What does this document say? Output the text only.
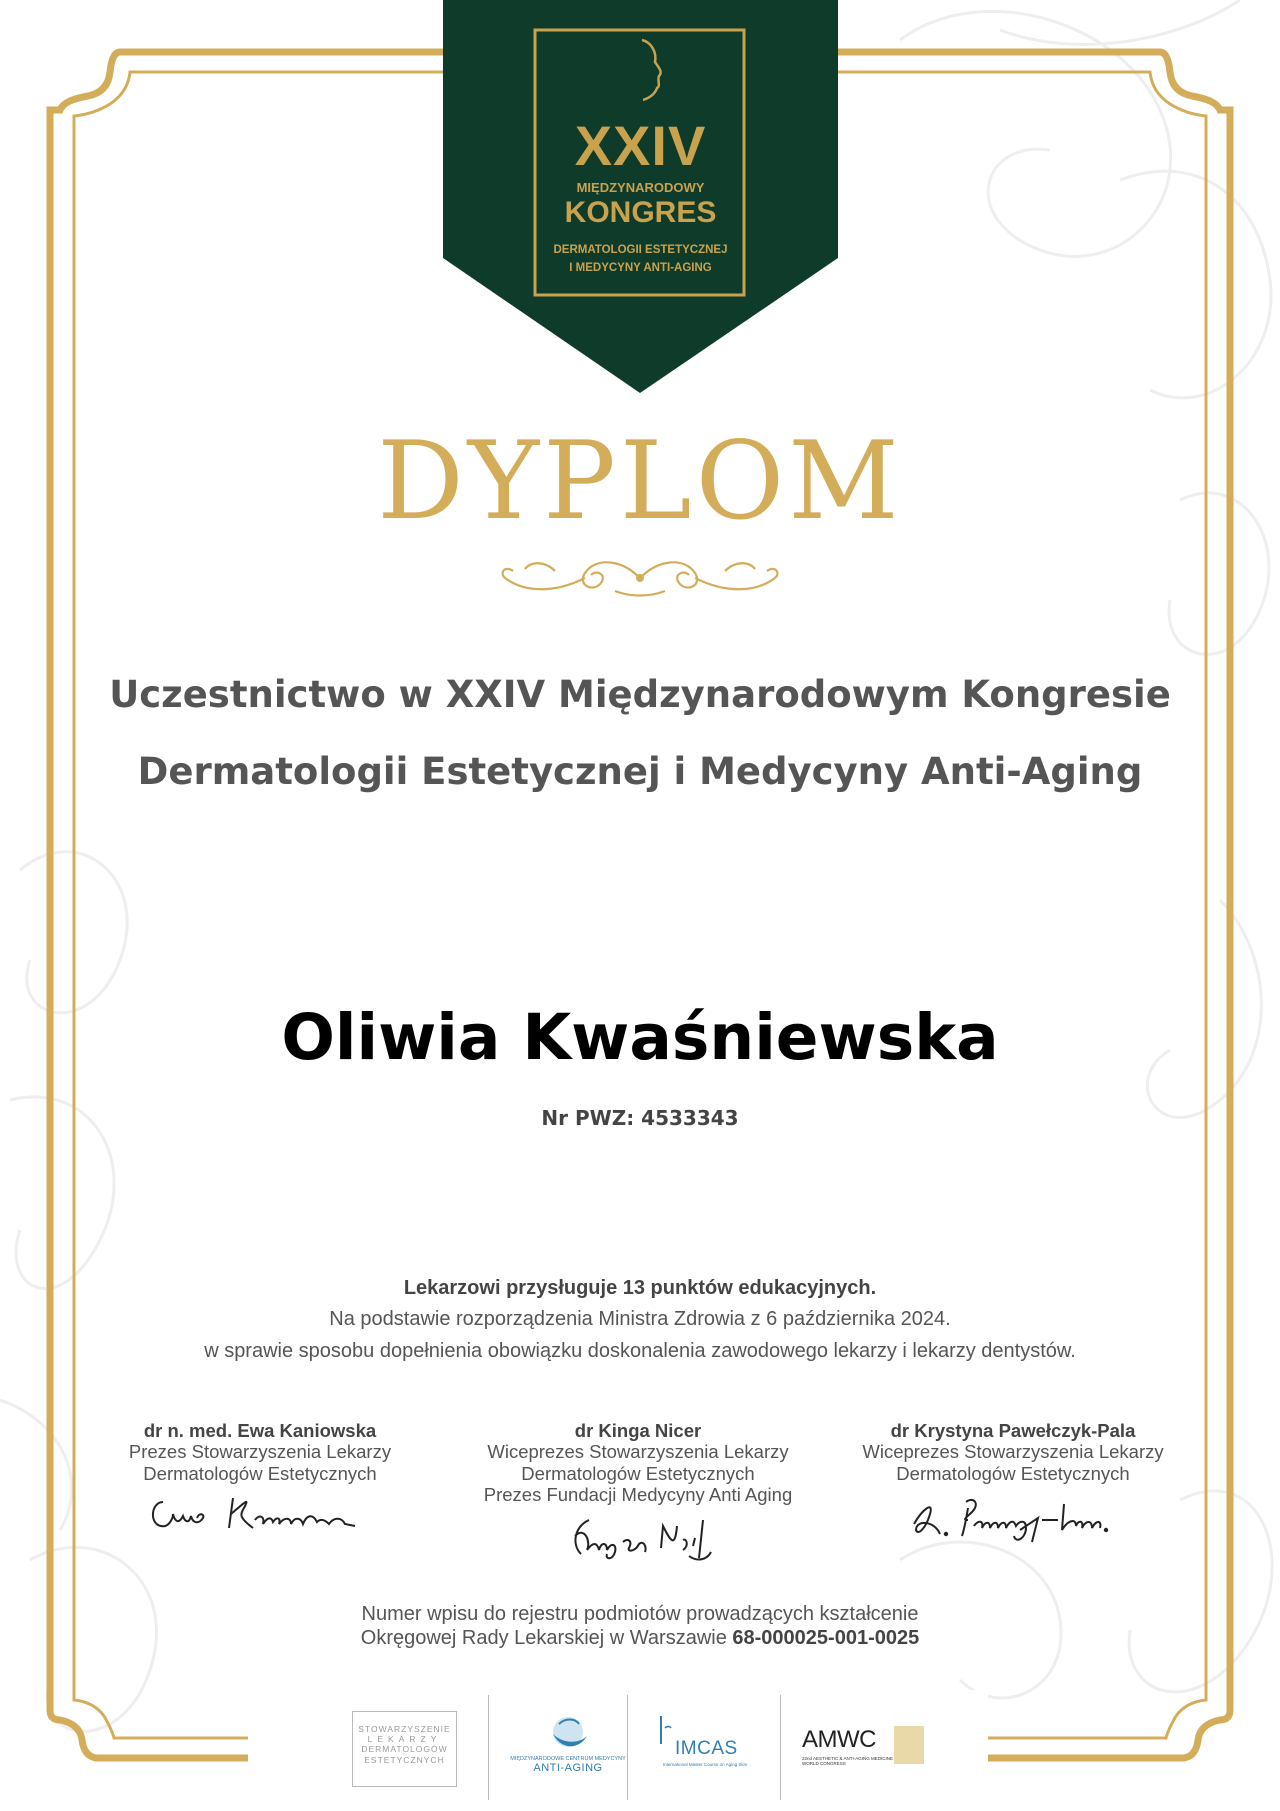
XXIV
MIĘDZYNARODOWY
KONGRES
DERMATOLOGII ESTETYCZNEJ
I MEDYCYNY ANTI-AGING
DYPLOM
Uczestnictwo w XXIV Międzynarodowym Kongresie
Dermatologii Estetycznej i Medycyny Anti-Aging
Oliwia Kwaśniewska
Nr PWZ: 4533343
Lekarzowi przysługuje 13 punktów edukacyjnych.
Na podstawie rozporządzenia Ministra Zdrowia z 6 października 2024.
w sprawie sposobu dopełnienia obowiązku doskonalenia zawodowego lekarzy i lekarzy dentystów.
dr n. med. Ewa Kaniowska
Prezes Stowarzyszenia Lekarzy
Dermatologów Estetycznych
dr Kinga Nicer
Wiceprezes Stowarzyszenia Lekarzy
Dermatologów Estetycznych
Prezes Fundacji Medycyny Anti Aging
dr Krystyna Pawełczyk-Pala
Wiceprezes Stowarzyszenia Lekarzy
Dermatologów Estetycznych
Numer wpisu do rejestru podmiotów prowadzących kształcenie
Okręgowej Rady Lekarskiej w Warszawie 68-000025-001-0025
STOWARZYSZENIE
LEKARZY
DERMATOLOGÓW
ESTETYCZNYCH	MIĘDZYNARODOWE CENTRUM MEDYCYNY
ANTI-AGING
IMCAS
International Master Course on Aging Skin
AMWC
22nd AESTHETIC & ANTI-AGING MEDICINE WORLD CONGRESS
